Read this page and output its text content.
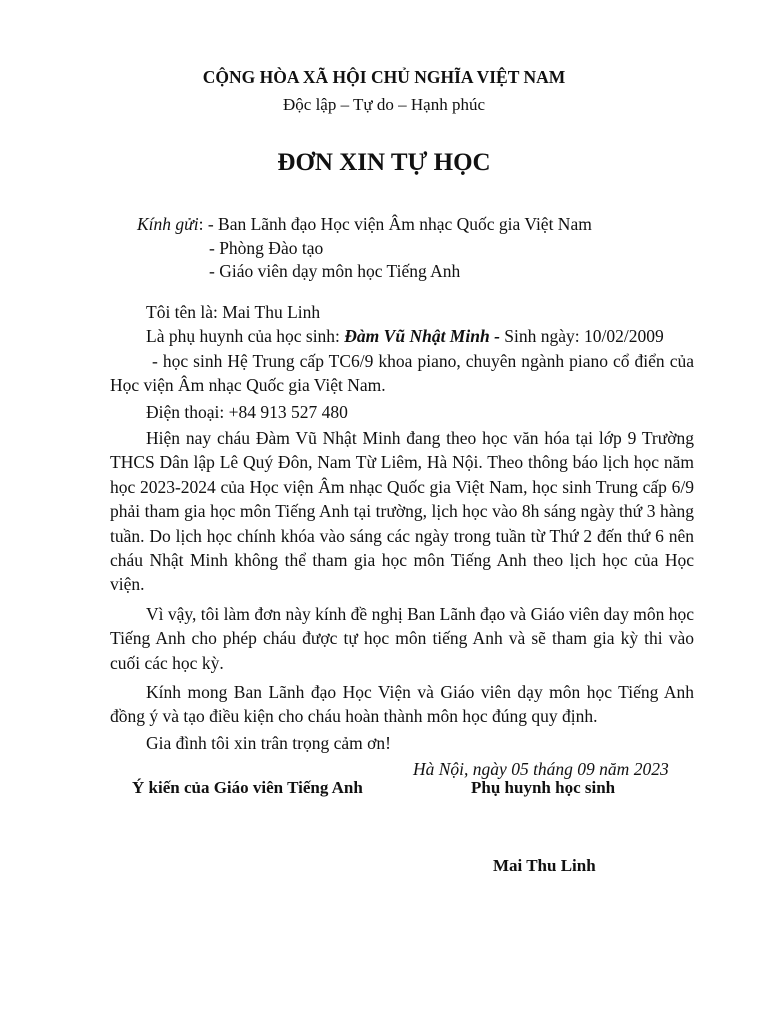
CỘNG HÒA XÃ HỘI CHỦ NGHĨA VIỆT NAM
Độc lập – Tự do – Hạnh phúc
ĐƠN XIN TỰ HỌC
Kính gửi: - Ban Lãnh đạo Học viện Âm nhạc Quốc gia Việt Nam
- Phòng Đào tạo
- Giáo viên dạy môn học Tiếng Anh
Tôi tên là: Mai Thu Linh
Là phụ huynh của học sinh: Đàm Vũ Nhật Minh - Sinh ngày: 10/02/2009
- học sinh Hệ Trung cấp TC6/9 khoa piano, chuyên ngành piano cổ điển của Học viện Âm nhạc Quốc gia Việt Nam.
Điện thoại: +84 913 527 480
Hiện nay cháu Đàm Vũ Nhật Minh đang theo học văn hóa tại lớp 9 Trường THCS Dân lập Lê Quý Đôn, Nam Từ Liêm, Hà Nội. Theo thông báo lịch học năm học 2023-2024 của Học viện Âm nhạc Quốc gia Việt Nam, học sinh Trung cấp 6/9 phải tham gia học môn Tiếng Anh tại trường, lịch học vào 8h sáng ngày thứ 3 hàng tuần. Do lịch học chính khóa vào sáng các ngày trong tuần từ Thứ 2 đến thứ 6 nên cháu Nhật Minh không thể tham gia học môn Tiếng Anh theo lịch học của Học viện.
Vì vậy, tôi làm đơn này kính đề nghị Ban Lãnh đạo và Giáo viên day môn học Tiếng Anh cho phép cháu được tự học môn tiếng Anh và sẽ tham gia kỳ thi vào cuối các học kỳ.
Kính mong Ban Lãnh đạo Học Viện và Giáo viên dạy môn học Tiếng Anh đồng ý và tạo điều kiện cho cháu hoàn thành môn học đúng quy định.
Gia đình tôi xin trân trọng cảm ơn!
Hà Nội, ngày 05 tháng 09 năm 2023
Ý kiến của Giáo viên Tiếng Anh	Phụ huynh học sinh
Mai Thu Linh
